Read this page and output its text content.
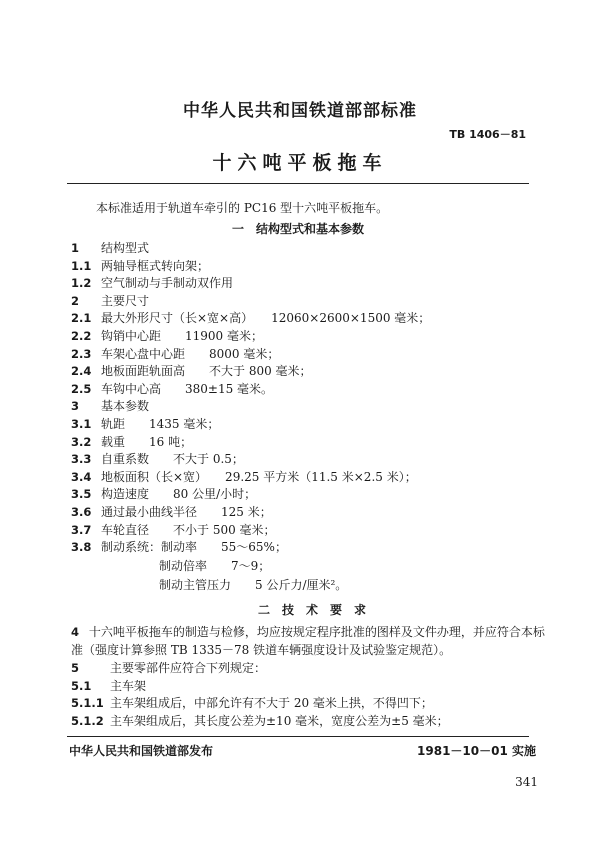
中华人民共和国铁道部部标准
TB 1406－81
十六吨平板拖车
本标准适用于轨道车牵引的 PC16 型十六吨平板拖车。
一　结构型式和基本参数
1 结构型式
1.1 两轴导框式转向架；
1.2 空气制动与手制动双作用
2 主要尺寸
2.1 最大外形尺寸（长×宽×高）　　12060×2600×1500 毫米；
2.2 钩销中心距　　11900 毫米；
2.3 车架心盘中心距　　8000 毫米；
2.4 地板面距轨面高　　不大于 800 毫米；
2.5 车钩中心高　　380±15 毫米。
3 基本参数
3.1 轨距　　1435 毫米；
3.2 载重　　16 吨；
3.3 自重系数　　不大于 0.5；
3.4 地板面积（长×宽）　　29.25 平方米（11.5 米×2.5 米）；
3.5 构造速度　　80 公里/小时；
3.6 通过最小曲线半径　　125 米；
3.7 车轮直径　　不小于 500 毫米；
3.8 制动系统：制动率　　55～65%；
制动倍率　　7～9；
制动主管压力　　5 公斤力/厘米²。
二　技　术　要　求
4 十六吨平板拖车的制造与检修，均应按规定程序批准的图样及文件办理，并应符合本标
准（强度计算参照 TB 1335－78 铁道车辆强度设计及试验鉴定规范）。
5	主要零部件应符合下列规定：
5.1 主车架
5.1.1 主车架组成后，中部允许有不大于 20 毫米上拱，不得凹下；
5.1.2 主车架组成后，其长度公差为±10 毫米，宽度公差为±5 毫米；
中华人民共和国铁道部发布	1981－10－01 实施
341
